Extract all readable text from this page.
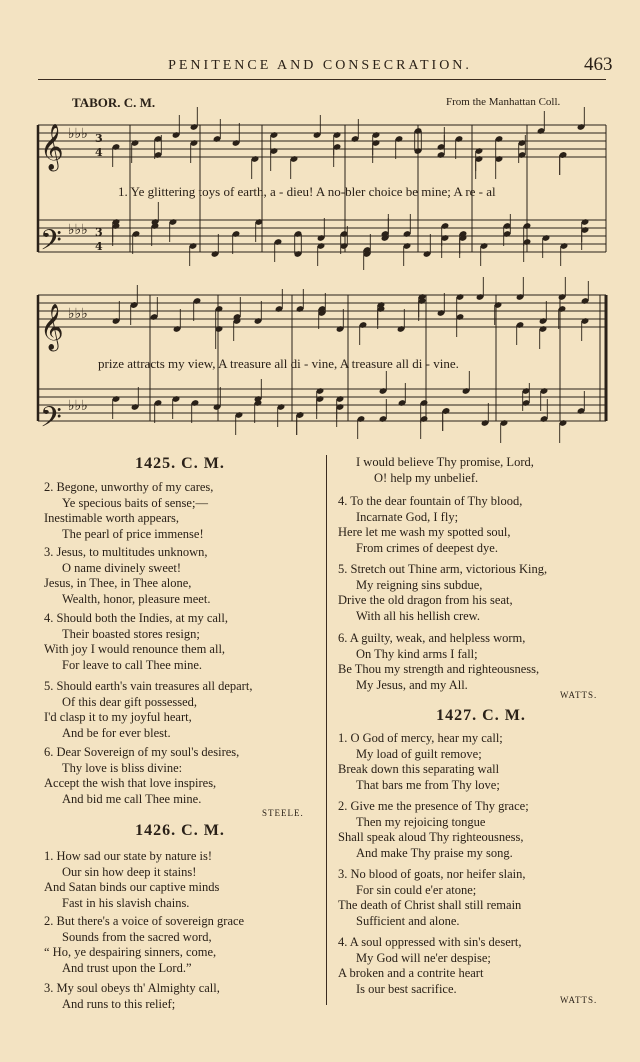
PENITENCE AND CONSECRATION.	463
TABOR. C. M.	From the Manhattan Coll.
𝄞
𝄢
𝄞
𝄢
♭♭♭
♭♭♭
♭♭♭
♭♭♭
3
4
3
4
1. Ye glittering toys of earth, a - dieu! A no-bler choice be mine; A re - al
prize attracts my view, A treasure all di - vine, A treasure all di - vine.
1425. C. M.
2. Begone, unworthy of my cares,
Ye specious baits of sense;—
Inestimable worth appears,
The pearl of price immense!
3. Jesus, to multitudes unknown,
O name divinely sweet!
Jesus, in Thee, in Thee alone,
Wealth, honor, pleasure meet.
4. Should both the Indies, at my call,
Their boasted stores resign;
With joy I would renounce them all,
For leave to call Thee mine.
5. Should earth's vain treasures all depart,
Of this dear gift possessed,
I'd clasp it to my joyful heart,
And be for ever blest.
6. Dear Sovereign of my soul's desires,
Thy love is bliss divine:
Accept the wish that love inspires,
And bid me call Thee mine.
STEELE.
1426. C. M.
1. How sad our state by nature is!
Our sin how deep it stains!
And Satan binds our captive minds
Fast in his slavish chains.
2. But there's a voice of sovereign grace
Sounds from the sacred word,
“ Ho, ye despairing sinners, come,
And trust upon the Lord.”
3. My soul obeys th' Almighty call,
And runs to this relief;
I would believe Thy promise, Lord,
O! help my unbelief.
4. To the dear fountain of Thy blood,
Incarnate God, I fly;
Here let me wash my spotted soul,
From crimes of deepest dye.
5. Stretch out Thine arm, victorious King,
My reigning sins subdue,
Drive the old dragon from his seat,
With all his hellish crew.
6. A guilty, weak, and helpless worm,
On Thy kind arms I fall;
Be Thou my strength and righteousness,
My Jesus, and my All.
WATTS.
1427. C. M.
1. O God of mercy, hear my call;
My load of guilt remove;
Break down this separating wall
That bars me from Thy love;
2. Give me the presence of Thy grace;
Then my rejoicing tongue
Shall speak aloud Thy righteousness,
And make Thy praise my song.
3. No blood of goats, nor heifer slain,
For sin could e'er atone;
The death of Christ shall still remain
Sufficient and alone.
4. A soul oppressed with sin's desert,
My God will ne'er despise;
A broken and a contrite heart
Is our best sacrifice.
WATTS.
